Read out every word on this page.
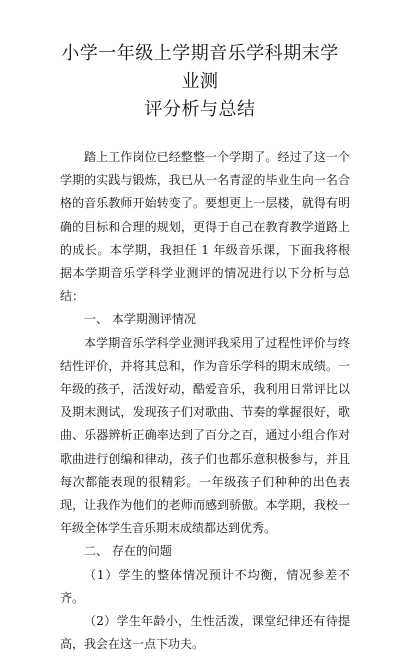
小学一年级上学期音乐学科期末学业测
评分析与总结

踏上工作岗位已经整整一个学期了。经过了这一个学期的实践与锻炼，我已从一名青涩的毕业生向一名合格的音乐教师开始转变了。要想更上一层楼，就得有明确的目标和合理的规划，更得于自己在教育教学道路上的成长。本学期，我担任 1 年级音乐课，下面我将根据本学期音乐学科学业测评的情况进行以下分析与总结：

一、 本学期测评情况

本学期音乐学科学业测评我采用了过程性评价与终结性评价，并将其总和，作为音乐学科的期末成绩。一年级的孩子，活泼好动，酷爱音乐，我利用日常评比以及期末测试，发现孩子们对歌曲、节奏的掌握很好，歌曲、乐器辨析正确率达到了百分之百，通过小组合作对歌曲进行创编和律动，孩子们也都乐意积极参与，并且每次都能表现的很精彩。一年级孩子们种种的出色表现，让我作为他们的老师而感到骄傲。本学期，我校一年级全体学生音乐期末成绩都达到优秀。

二、 存在的问题

（1）学生的整体情况预计不均衡，情况参差不齐。

（2）学生年龄小，生性活泼，课堂纪律还有待提高，我会在这一点下功夫。
